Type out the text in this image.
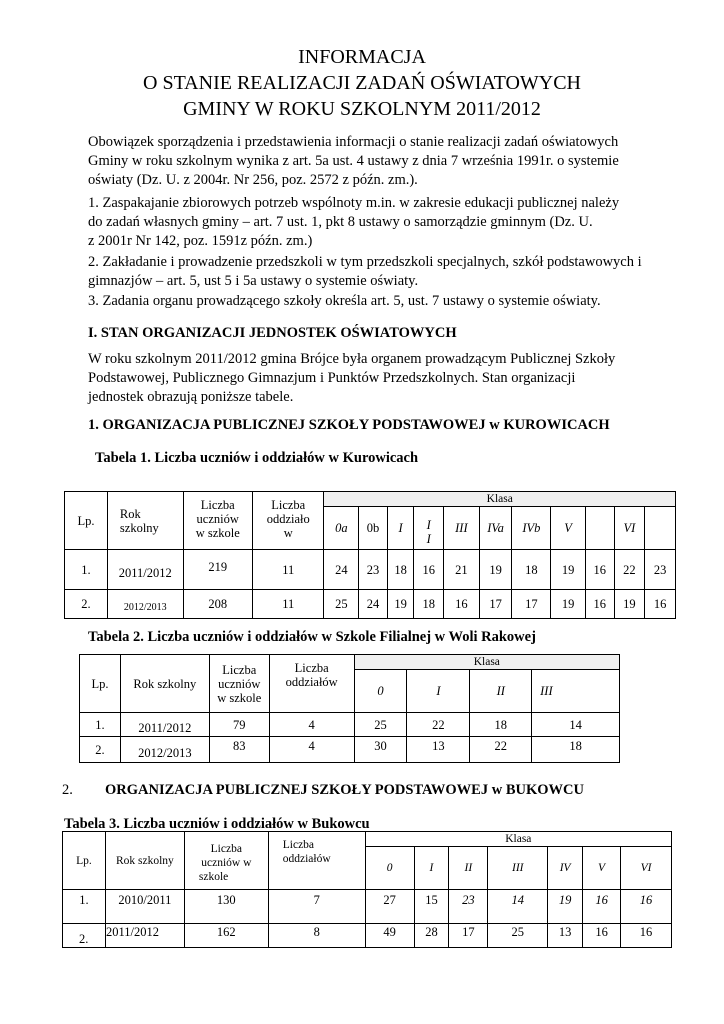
INFORMACJA
O STANIE REALIZACJI ZADAŃ OŚWIATOWYCH
GMINY W ROKU SZKOLNYM 2011/2012
Obowiązek sporządzenia i przedstawienia informacji o stanie realizacji zadań oświatowych
Gminy w roku szkolnym wynika z art. 5a ust. 4 ustawy z dnia 7 września 1991r. o systemie
oświaty (Dz. U. z 2004r. Nr 256, poz. 2572 z późn. zm.).
1. Zaspakajanie zbiorowych potrzeb wspólnoty m.in. w zakresie edukacji publicznej należy
do zadań własnych gminy – art. 7 ust. 1, pkt 8 ustawy o samorządzie gminnym (Dz. U.
z 2001r Nr 142, poz. 1591z późn. zm.)
2. Zakładanie i prowadzenie przedszkoli w tym przedszkoli specjalnych, szkół podstawowych i
gimnazjów – art. 5, ust 5 i 5a ustawy o systemie oświaty.
3. Zadania organu prowadzącego szkoły określa art. 5, ust. 7 ustawy o systemie oświaty.
I. STAN ORGANIZACJI JEDNOSTEK OŚWIATOWYCH
W roku szkolnym 2011/2012 gmina Brójce była organem prowadzącym Publicznej Szkoły
Podstawowej, Publicznego Gimnazjum i Punktów Przedszkolnych. Stan organizacji
jednostek obrazują poniższe tabele.
1. ORGANIZACJA PUBLICZNEJ SZKOŁY PODSTAWOWEJ w KUROWICACH
Tabela 1. Liczba uczniów i oddziałów w Kurowicach
Lp.	Rok
szkolny	Liczba
uczniów
w szkole	Liczba
oddziało
w	Klasa										
				0a	0b	I	I
I	III	IVa	IVb	V		VI	
1.	2011/2012	219	11	24	23	18	16	21	19	18	19	16	22	23
2.	2012/2013	208	11	25	24	19	18	16	17	17	19	16	19	16
Tabela 2. Liczba uczniów i oddziałów w Szkole Filialnej w Woli Rakowej
Lp.	Rok szkolny	Liczba
uczniów
w szkole	Liczba
oddziałów	Klasa			
				0	I	II	III
1.	2011/2012	79	4	25	22	18	14
2.	2012/2013	83	4	30	13	22	18
2. ORGANIZACJA PUBLICZNEJ SZKOŁY PODSTAWOWEJ w BUKOWCU
Tabela 3. Liczba uczniów i oddziałów w Bukowcu
Lp.	Rok szkolny	Liczba
uczniów w
szkole	Liczba
oddziałów	Klasa						
				0	I	II	III	IV	V	VI
1.	2010/2011	130	7	27	15	23	14	19	16	16
2.	2011/2012	162	8	49	28	17	25	13	16	16
